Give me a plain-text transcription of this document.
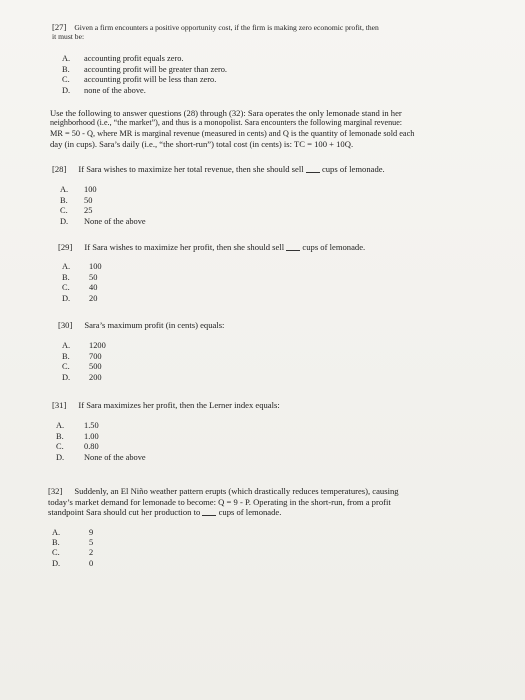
[27] Given a firm encounters a positive opportunity cost, if the firm is making zero economic profit, then
it must be:
A.	accounting profit equals zero.
B.	accounting profit will be greater than zero.
C.	accounting profit will be less than zero.
D.	none of the above.
Use the following to answer questions (28) through (32): Sara operates the only lemonade stand in her
neighborhood (i.e., “the market”), and thus is a monopolist. Sara encounters the following marginal revenue:
MR = 50 - Q, where MR is marginal revenue (measured in cents) and Q is the quantity of lemonade sold each
day (in cups). Sara’s daily (i.e., “the short-run”) total cost (in cents) is: TC = 100 + 10Q.
[28] If Sara wishes to maximize her total revenue, then she should sell cups of lemonade.
A.	100
B.	50
C.	25
D.	None of the above
[29] If Sara wishes to maximize her profit, then she should sell cups of lemonade.
A.	100
B.	50
C.	40
D.	20
[30] Sara’s maximum profit (in cents) equals:
A.	1200
B.	700
C.	500
D.	200
[31] If Sara maximizes her profit, then the Lerner index equals:
A.	1.50
B.	1.00
C.	0.80
D.	None of the above
[32] Suddenly, an El Niño weather pattern erupts (which drastically reduces temperatures), causing
today’s market demand for lemonade to become: Q = 9 - P. Operating in the short-run, from a profit
standpoint Sara should cut her production to cups of lemonade.
A.	9
B.	5
C.	2
D.	0
